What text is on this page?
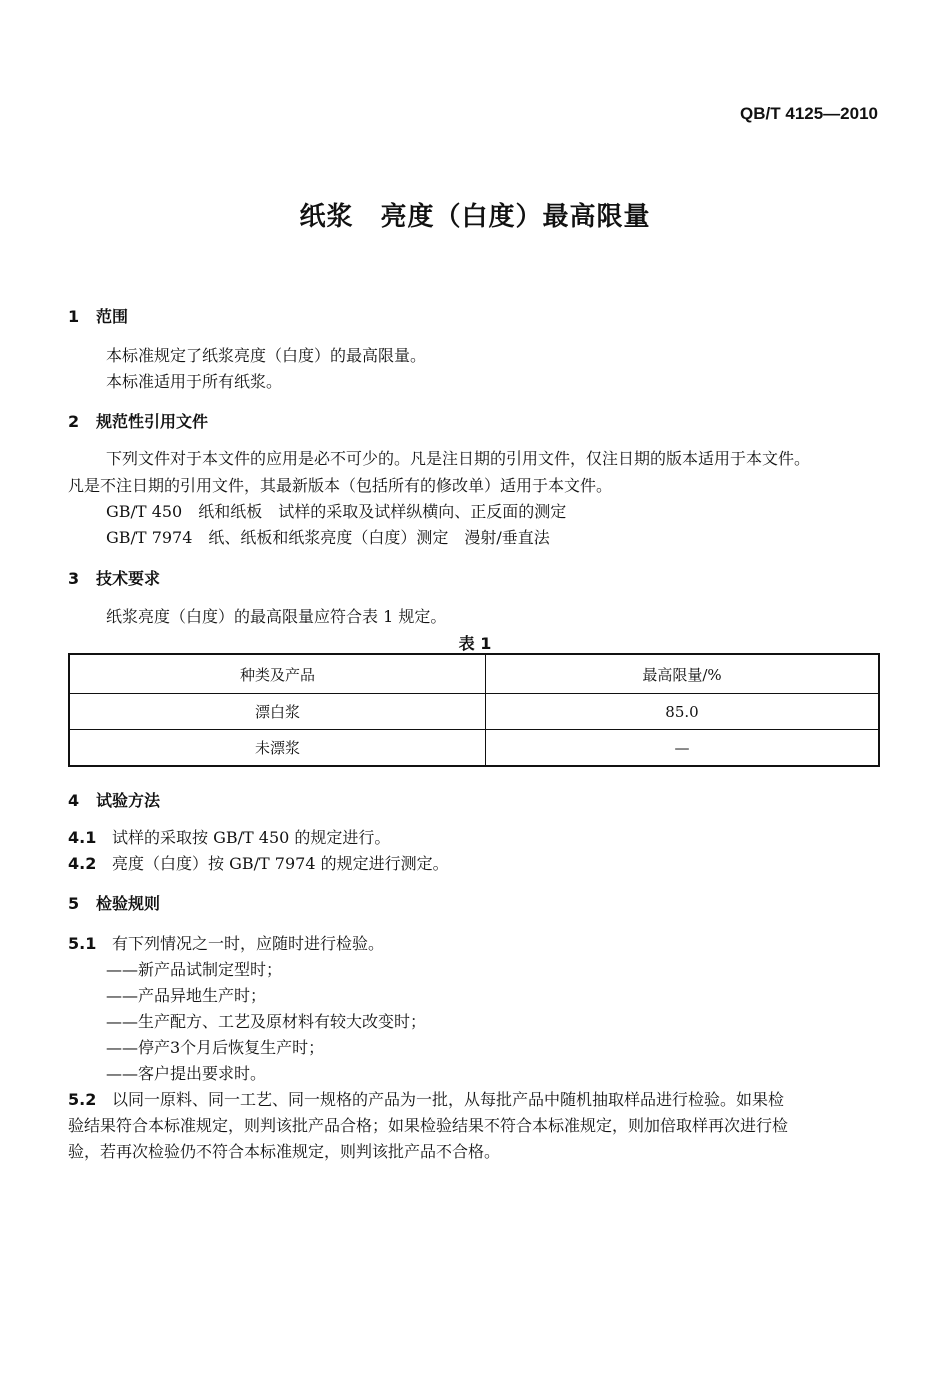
QB/T 4125—2010
纸浆　亮度（白度）最高限量
1 范围
本标准规定了纸浆亮度（白度）的最高限量。
本标准适用于所有纸浆。
2 规范性引用文件
下列文件对于本文件的应用是必不可少的。凡是注日期的引用文件，仅注日期的版本适用于本文件。
凡是不注日期的引用文件，其最新版本（包括所有的修改单）适用于本文件。
GB/T 450　纸和纸板　试样的采取及试样纵横向、正反面的测定
GB/T 7974　纸、纸板和纸浆亮度（白度）测定　漫射/垂直法
3 技术要求
纸浆亮度（白度）的最高限量应符合表 1 规定。
表 1
种类及产品	最高限量/%
漂白浆	85.0
未漂浆	—
4 试验方法
4.1 试样的采取按 GB/T 450 的规定进行。
4.2 亮度（白度）按 GB/T 7974 的规定进行测定。
5 检验规则
5.1 有下列情况之一时，应随时进行检验。
——新产品试制定型时；
——产品异地生产时；
——生产配方、工艺及原材料有较大改变时；
——停产3个月后恢复生产时；
——客户提出要求时。
5.2 以同一原料、同一工艺、同一规格的产品为一批，从每批产品中随机抽取样品进行检验。如果检
验结果符合本标准规定，则判该批产品合格；如果检验结果不符合本标准规定，则加倍取样再次进行检
验，若再次检验仍不符合本标准规定，则判该批产品不合格。
